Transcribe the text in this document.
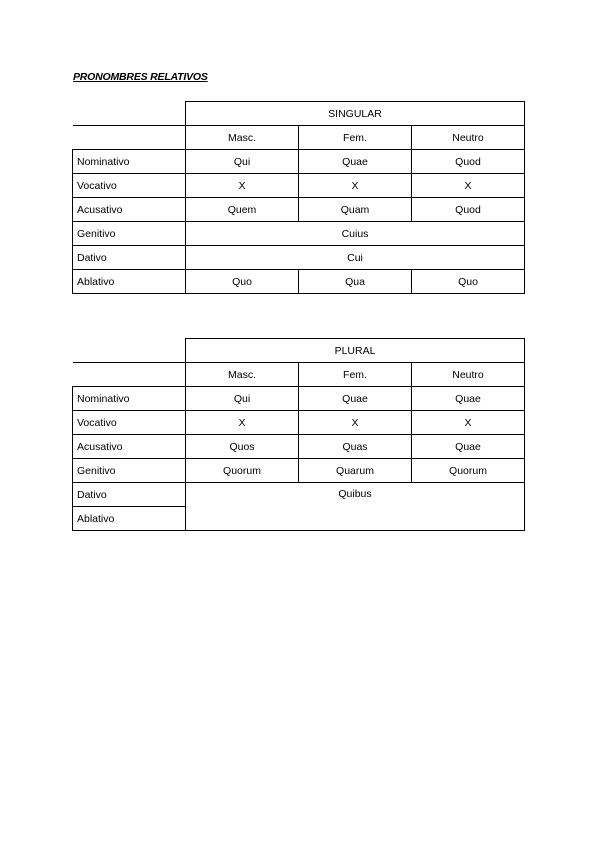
PRONOMBRES RELATIVOS
	SINGULAR		
	Masc.	Fem.	Neutro
Nominativo	Qui	Quae	Quod
Vocativo	X	X	X
Acusativo	Quem	Quam	Quod
Genitivo	Cuius		
Dativo	Cui		
Ablativo	Quo	Qua	Quo
	PLURAL		
	Masc.	Fem.	Neutro
Nominativo	Qui	Quae	Quae
Vocativo	X	X	X
Acusativo	Quos	Quas	Quae
Genitivo	Quorum	Quarum	Quorum
Dativo	Quibus		
Ablativo			
